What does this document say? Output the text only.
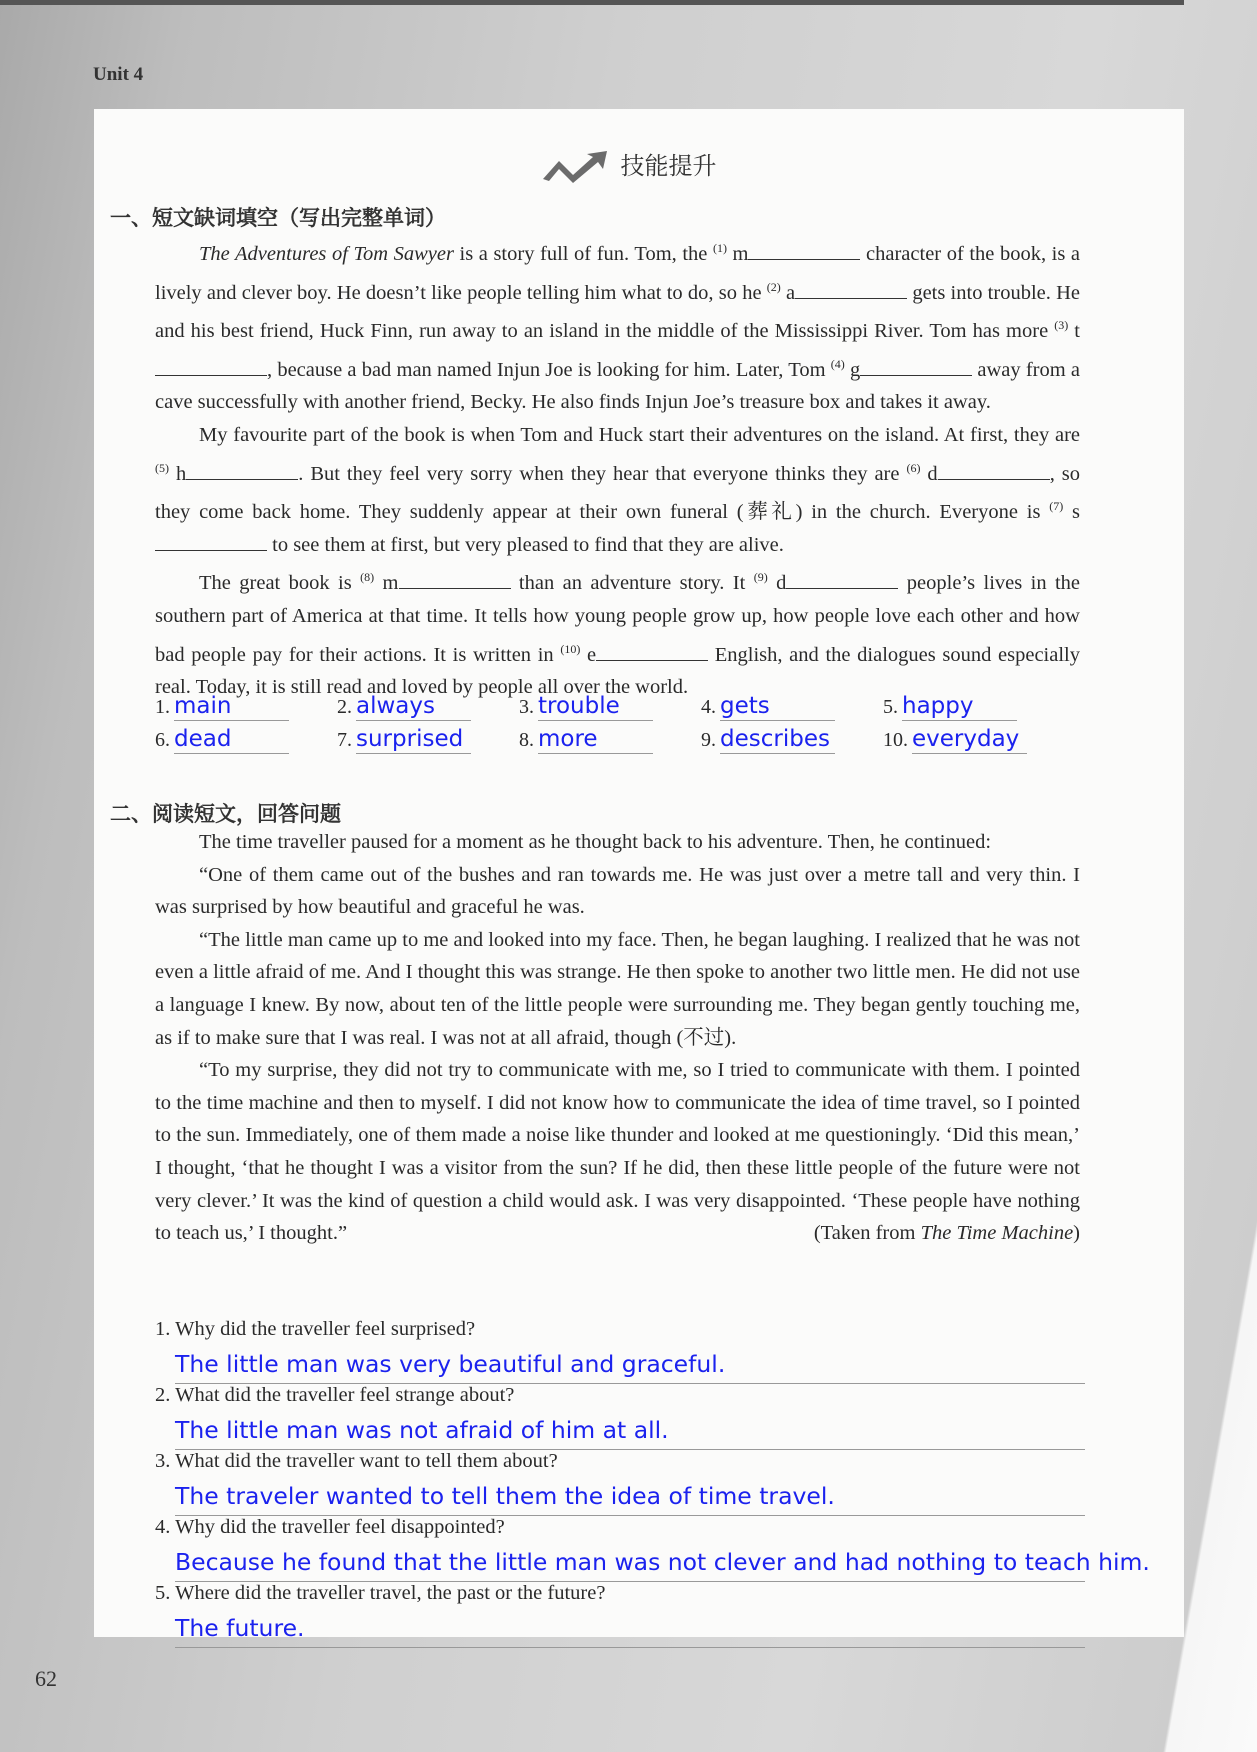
Unit 4
62
技能提升
一、短文缺词填空（写出完整单词）

The Adventures of Tom Sawyer is a story full of fun. Tom, the $^{(1)}$ m	character of the book, is a lively and clever boy. He doesn’t like people telling him what to do, so he $^{(2)}$ a	gets into trouble. He and his best friend, Huck Finn, run away to an island in the middle of the Mississippi River. Tom has more $^{(3)}$ t, because a bad man named Injun Joe is looking for him. Later, Tom $^{(4)}$ g	away from a cave successfully with another friend, Becky. He also finds Injun Joe’s treasure box and takes it away.

My favourite part of the book is when Tom and Huck start their adventures on the island. At first, they are $^{(5)}$ h	. But they feel very sorry when they hear that everyone thinks they are $^{(6)}$ d	, so they come back home. They suddenly appear at their own funeral (葬礼) in the church. Everyone is $^{(7)}$ s to see them at first, but very pleased to find that they are alive.

The great book is $^{(8)}$ m	than an adventure story. It $^{(9)}$ d	people’s lives in the southern part of America at that time. It tells how young people grow up, how people love each other and how bad people pay for their actions. It is written in $^{(10)}$ e	English, and the dialogues sound especially real. Today, it is still read and loved by people all over the world.

1. main	2. always	3. trouble	4. gets	5. happy
6. dead	7. surprised	8. more	9. describes	10. everyday
二、阅读短文，回答问题

The time traveller paused for a moment as he thought back to his adventure. Then, he continued:

“One of them came out of the bushes and ran towards me. He was just over a metre tall and very thin. I was surprised by how beautiful and graceful he was.

“The little man came up to me and looked into my face. Then, he began laughing. I realized that he was not even a little afraid of me. And I thought this was strange. He then spoke to another two little men. He did not use a language I knew. By now, about ten of the little people were surrounding me. They began gently touching me, as if to make sure that I was real. I was not at all afraid, though (不过).

“To my surprise, they did not try to communicate with me, so I tried to communicate with them. I pointed to the time machine and then to myself. I did not know how to communicate the idea of time travel, so I pointed to the sun. Immediately, one of them made a noise like thunder and looked at me questioningly. ‘Did this mean,’ I thought, ‘that he thought I was a visitor from the sun? If he did, then these little people of the future were not very clever.’ It was the kind of question a child would ask. I was very disappointed. ‘These people have nothing to teach us,’ I thought.”	(Taken from The Time Machine)

1. Why did the traveller feel surprised?
The little man was very beautiful and graceful.
2. What did the traveller feel strange about?
The little man was not afraid of him at all.
3. What did the traveller want to tell them about?
The traveler wanted to tell them the idea of time travel.
4. Why did the traveller feel disappointed?
Because he found that the little man was not clever and had nothing to teach him.
5. Where did the traveller travel, the past or the future?
The future.
